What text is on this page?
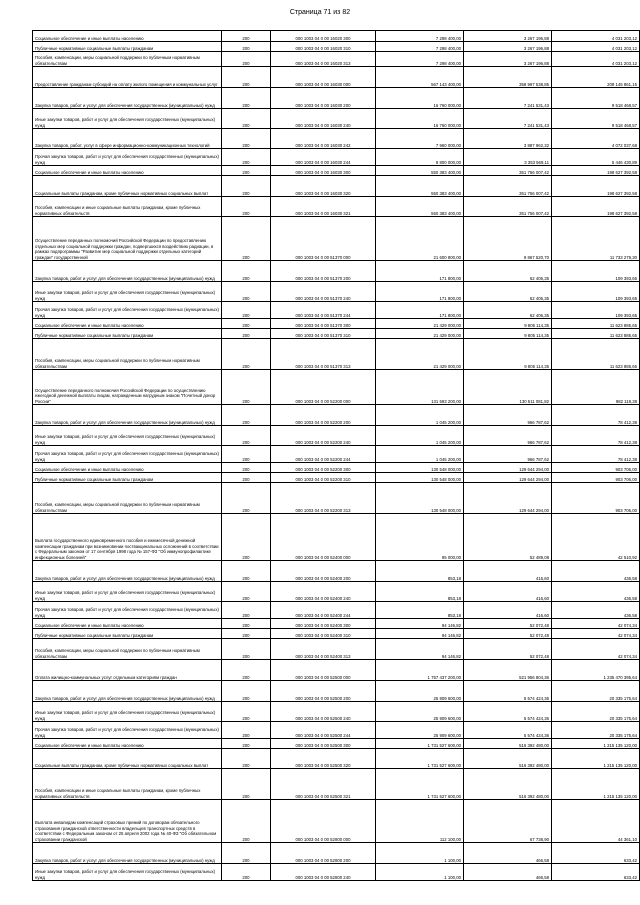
Страница 71 из 82
Социальное обеспечение и иные выплаты населению	200	000 1003 04 0 00 16020 300	7 298 400,00	3 267 196,88	4 031 203,12
Публичные нормативные социальные выплаты гражданам	200	000 1003 04 0 00 16020 310	7 298 400,00	3 267 196,88	4 031 203,12
Пособия, компенсации, меры социальной поддержки по публичным нормативным обязательствам	200	000 1003 04 0 00 16020 313	7 298 400,00	3 267 196,88	4 031 203,12
Предоставление гражданам субсидий на оплату жилого помещения и коммунальных услуг	200	000 1003 04 0 00 16030 000	567 143 400,00	358 997 538,85	208 145 861,15
Закупка товаров, работ и услуг для обеспечения государственных (муниципальных) нужд	200	000 1003 04 0 00 16030 200	16 760 000,00	7 241 531,43	9 518 468,57
Иные закупки товаров, работ и услуг для обеспечения государственных (муниципальных) нужд	200	000 1003 04 0 00 16030 240	16 760 000,00	7 241 531,43	9 518 468,57
Закупка товаров, работ, услуг в сфере информационно-коммуникационных технологий	200	000 1003 04 0 00 16030 242	7 960 000,00	3 887 962,32	4 072 037,68
Прочая закупка товаров, работ и услуг для обеспечения государственных (муниципальных) нужд	200	000 1003 04 0 00 16030 244	8 800 000,00	3 353 569,11	5 446 430,89
Социальное обеспечение и иные выплаты населению	200	000 1003 04 0 00 16030 300	550 383 400,00	351 756 007,42	198 627 392,58
Социальные выплаты гражданам, кроме публичных нормативных социальных выплат	200	000 1003 04 0 00 16030 320	550 383 400,00	351 756 007,42	198 627 392,58
Пособия, компенсации и иные социальные выплаты гражданам, кроме публичных нормативных обязательств	200	000 1003 04 0 00 16030 321	550 383 400,00	351 756 007,42	198 627 392,58
Осуществление переданных полномочий Российской Федерации по предоставлению отдельных мер социальной поддержки граждан, подвергшихся воздействию радиации, в рамках подпрограммы "Развитие мер социальной поддержки отдельных категорий граждан" государственной	200	000 1003 04 0 00 51370 000	21 600 800,00	9 867 520,70	11 733 279,30
Закупка товаров, работ и услуг для обеспечения государственных (муниципальных) нужд	200	000 1003 04 0 00 51370 200	171 800,00	62 406,35	109 393,65
Иные закупки товаров, работ и услуг для обеспечения государственных (муниципальных) нужд	200	000 1003 04 0 00 51370 240	171 800,00	62 406,35	109 393,65
Прочая закупка товаров, работ и услуг для обеспечения государственных (муниципальных) нужд	200	000 1003 04 0 00 51370 244	171 800,00	62 406,35	109 393,65
Социальное обеспечение и иные выплаты населению	200	000 1003 04 0 00 51370 300	21 429 000,00	9 805 114,35	11 623 885,65
Публичные нормативные социальные выплаты гражданам	200	000 1003 04 0 00 51370 310	21 429 000,00	9 805 114,35	11 623 885,65
Пособия, компенсации, меры социальной поддержки по публичным нормативным обязательствам	200	000 1003 04 0 00 51370 313	21 429 000,00	9 805 114,35	11 623 885,65
Осуществление переданного полномочия Российской Федерации по осуществлению ежегодной денежной выплаты лицам, награжденным нагрудным знаком "Почетный донор России"	200	000 1003 04 0 00 52200 000	131 593 200,00	130 511 081,82	982 118,38
Закупка товаров, работ и услуг для обеспечения государственных (муниципальных) нужд	200	000 1003 04 0 00 52200 200	1 045 200,00	966 787,62	78 412,38
Иные закупки товаров, работ и услуг для обеспечения государственных (муниципальных) нужд	200	000 1003 04 0 00 52200 240	1 045 200,00	966 787,62	78 412,38
Прочая закупка товаров, работ и услуг для обеспечения государственных (муниципальных) нужд	200	000 1003 04 0 00 52200 244	1 045 200,00	966 787,62	78 412,38
Социальное обеспечение и иные выплаты населению	200	000 1003 04 0 00 52200 300	130 548 000,00	129 644 294,00	903 706,00
Публичные нормативные социальные выплаты гражданам	200	000 1003 04 0 00 52200 310	130 548 000,00	129 644 294,00	903 706,00
Пособия, компенсации, меры социальной поддержки по публичным нормативным обязательствам	200	000 1003 04 0 00 52200 313	130 548 000,00	129 644 294,00	903 706,00
Выплата государственного единовременного пособия и ежемесячной денежной компенсации гражданам при возникновении поствакцинальных осложнений в соответствии с Федеральным законом от 17 сентября 1998 года № 157-ФЗ "Об иммунопрофилактике инфекционных болезней"	200	000 1003 04 0 00 52400 000	95 000,00	52 489,08	42 510,92
Закупка товаров, работ и услуг для обеспечения государственных (муниципальных) нужд	200	000 1003 04 0 00 52400 200	853,18	416,60	436,58
Иные закупки товаров, работ и услуг для обеспечения государственных (муниципальных) нужд	200	000 1003 04 0 00 52400 240	853,18	416,60	436,58
Прочая закупка товаров, работ и услуг для обеспечения государственных (муниципальных) нужд	200	000 1003 04 0 00 52400 244	853,18	416,60	436,58
Социальное обеспечение и иные выплаты населению	200	000 1003 04 0 00 52400 300	94 146,82	52 072,48	42 074,34
Публичные нормативные социальные выплаты гражданам	200	000 1003 04 0 00 52400 310	94 146,82	52 072,48	42 074,34
Пособия, компенсации, меры социальной поддержки по публичным нормативным обязательствам	200	000 1003 04 0 00 52400 313	94 146,82	52 072,48	42 074,34
Оплата жилищно-коммунальных услуг отдельным категориям граждан	200	000 1003 04 0 00 52500 000	1 757 437 200,00	521 956 804,36	1 235 470 395,64
Закупка товаров, работ и услуг для обеспечения государственных (муниципальных) нужд	200	000 1003 04 0 00 52500 200	25 909 600,00	5 574 424,36	20 335 175,64
Иные закупки товаров, работ и услуг для обеспечения государственных (муниципальных) нужд	200	000 1003 04 0 00 52500 240	25 909 600,00	5 574 424,36	20 335 175,64
Прочая закупка товаров, работ и услуг для обеспечения государственных (муниципальных) нужд	200	000 1003 04 0 00 52500 244	25 909 600,00	5 574 424,36	20 335 175,64
Социальное обеспечение и иные выплаты населению	200	000 1003 04 0 00 52500 300	1 731 527 600,00	516 392 480,00	1 215 135 120,00
Социальные выплаты гражданам, кроме публичных нормативных социальных выплат	200	000 1003 04 0 00 52500 320	1 731 527 600,00	516 392 480,00	1 215 135 120,00
Пособия, компенсации и иные социальные выплаты гражданам, кроме публичных нормативных обязательств	200	000 1003 04 0 00 52500 321	1 731 527 600,00	516 392 480,00	1 215 135 120,00
Выплата инвалидам компенсаций страховых премий по договорам обязательного страхования гражданской ответственности владельцев транспортных средств в соответствии с Федеральным законом от 25 апреля 2002 года № 40-ФЗ "Об обязательном страховании гражданской	200	000 1003 04 0 00 52800 000	112 100,00	67 738,90	44 361,10
Закупка товаров, работ и услуг для обеспечения государственных (муниципальных) нужд	200	000 1003 04 0 00 52800 200	1 100,00	466,58	633,42
Иные закупки товаров, работ и услуг для обеспечения государственных (муниципальных) нужд	200	000 1003 04 0 00 52800 240	1 100,00	466,58	633,42
